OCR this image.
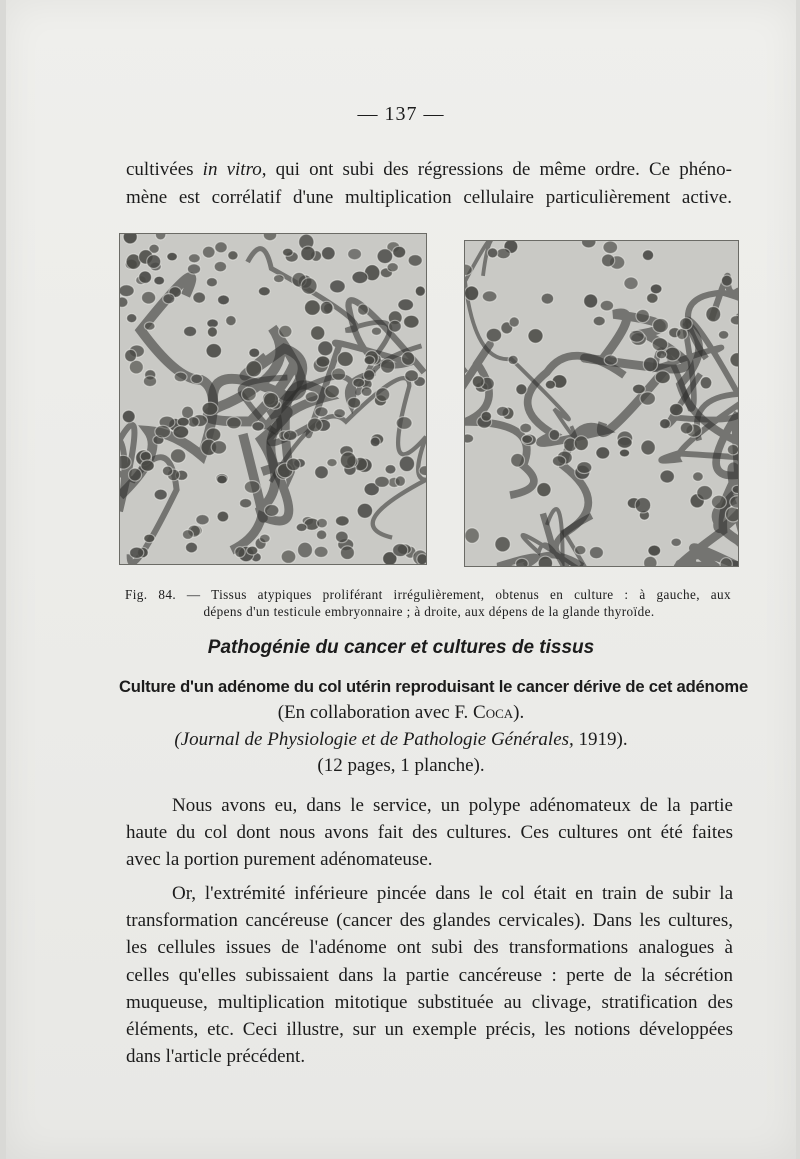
— 137 —
cultivées in vitro, qui ont subi des régressions de même ordre. Ce phéno-
mène est corrélatif d'une multiplication cellulaire particulièrement active.
Fig. 84. — Tissus atypiques proliférant irrégulièrement, obtenus en culture : à gauche, aux
dépens d'un testicule embryonnaire ; à droite, aux dépens de la glande thyroïde.
Pathogénie du cancer et cultures de tissus
Culture d'un adénome du col utérin reproduisant le cancer dérive de cet adénome
(En collaboration avec F. Coca).
(Journal de Physiologie et de Pathologie Générales, 1919).
(12 pages, 1 planche).
Nous avons eu, dans le service, un polype adénomateux de la partie
haute du col dont nous avons fait des cultures. Ces cultures ont été faites
avec la portion purement adénomateuse.
Or, l'extrémité inférieure pincée dans le col était en train de subir la
transformation cancéreuse (cancer des glandes cervicales). Dans les cultures,
les cellules issues de l'adénome ont subi des transformations analogues à
celles qu'elles subissaient dans la partie cancéreuse : perte de la sécrétion
muqueuse, multiplication mitotique substituée au clivage, stratification des
éléments, etc. Ceci illustre, sur un exemple précis, les notions développées
dans l'article précédent.
